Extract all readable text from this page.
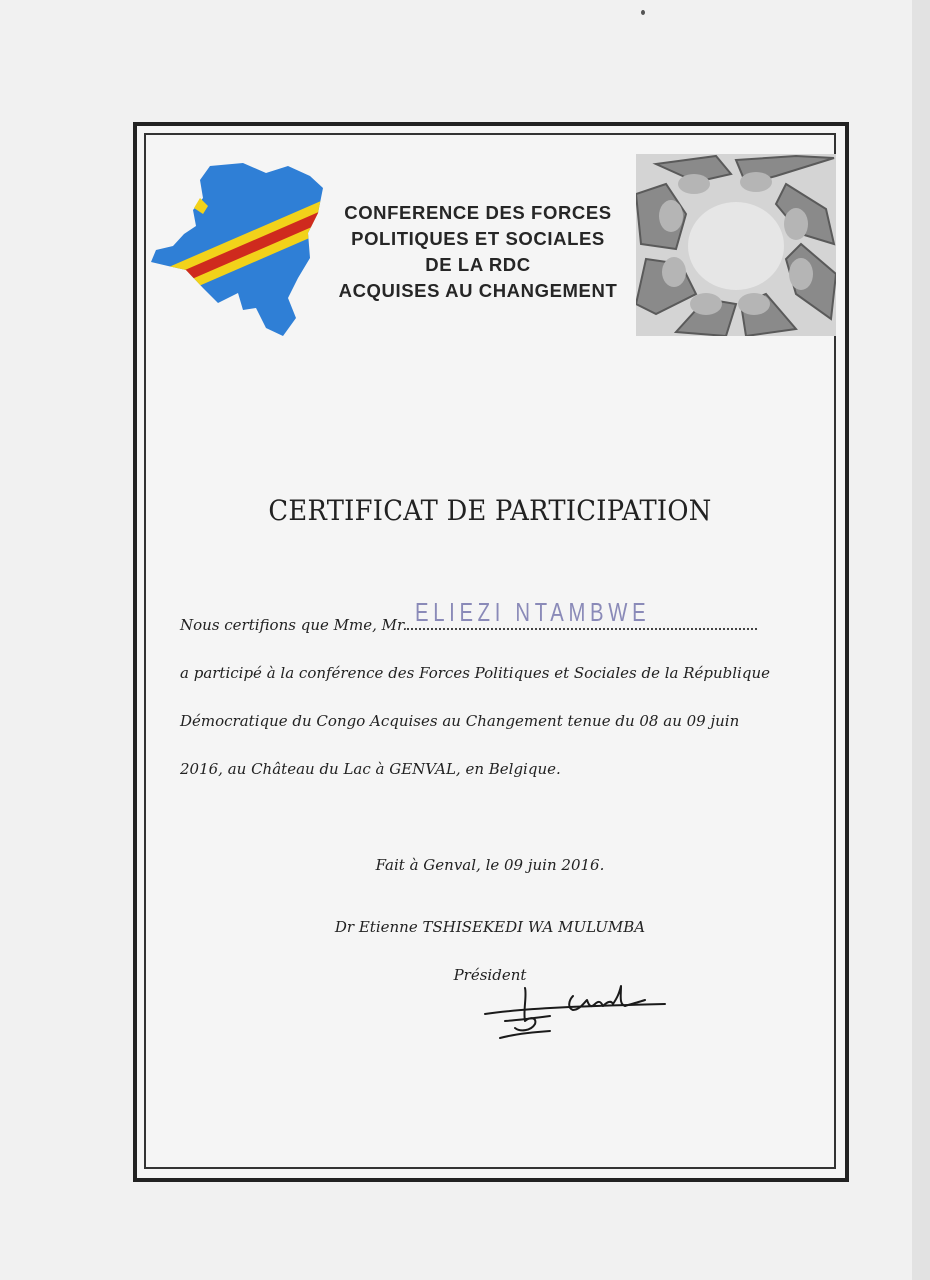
CONFERENCE DES FORCES
POLITIQUES ET SOCIALES
DE LA RDC
ACQUISES AU CHANGEMENT
CERTIFICAT DE PARTICIPATION
Nous certifions que Mme, Mr. ELIEZI NTAMBWE
a participé à la conférence des Forces Politiques et Sociales de la République
Démocratique du Congo Acquises au Changement tenue du 08 au 09 juin
2016, au Château du Lac à GENVAL, en Belgique.
Fait à Genval, le 09 juin 2016.
Dr Etienne TSHISEKEDI WA MULUMBA
Président
